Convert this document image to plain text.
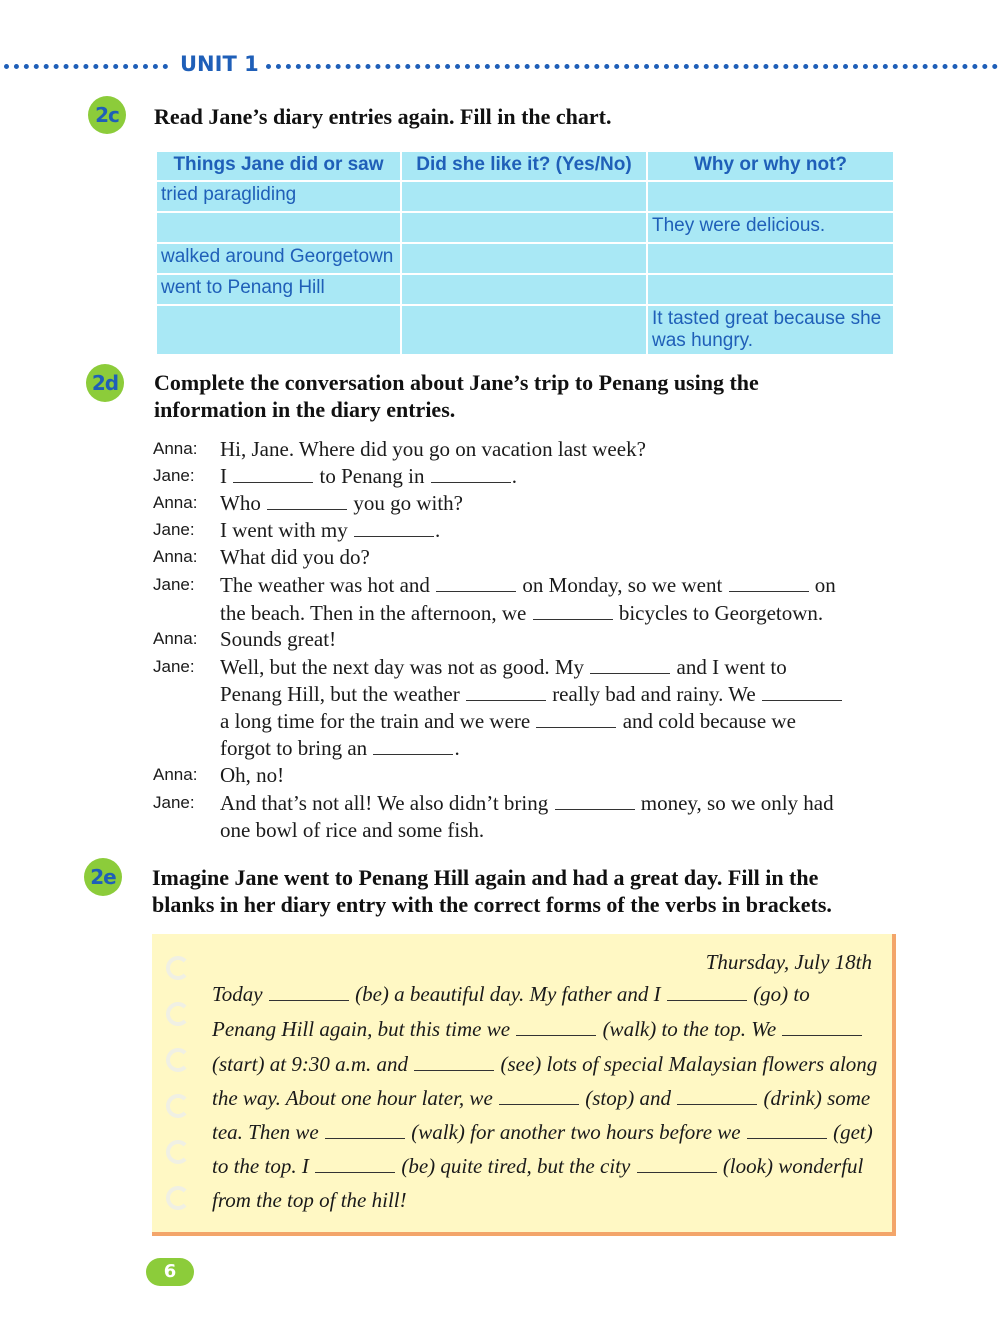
UNIT 1
2c	Read Jane’s diary entries again. Fill in the chart.
Things Jane did or saw	Did she like it? (Yes/No)	Why or why not?
tried paragliding		
		They were delicious.
walked around Georgetown		
went to Penang Hill		
		It tasted great because she was hungry.
2d Complete the conversation about Jane’s trip to Penang using the
information in the diary entries.
Anna: Hi, Jane. Where did you go on vacation last week?
Jane: I	to Penang in	.
Anna: Who	you go with?
Jane: I went with my	.
Anna: What did you do?
Jane: The weather was hot and	on Monday, so we went	on
the beach. Then in the afternoon, we	bicycles to Georgetown.
Anna: Sounds great!
Jane: Well, but the next day was not as good. My	and I went to
Penang Hill, but the weather	really bad and rainy. We
a long time for the train and we were	and cold because we
forgot to bring an	.
Anna: Oh, no!
Jane: And that’s not all! We also didn’t bring	money, so we only had
one bowl of rice and some fish.
2e Imagine Jane went to Penang Hill again and had a great day. Fill in the
blanks in her diary entry with the correct forms of the verbs in brackets.
Thursday, July 18th
Today	(be) a beautiful day. My father and I	(go) to
Penang Hill again, but this time we	(walk) to the top. We
(start) at 9:30 a.m. and	(see) lots of special Malaysian flowers along
the way. About one hour later, we	(stop) and	(drink) some
tea. Then we	(walk) for another two hours before we	(get)
to the top. I	(be) quite tired, but the city	(look) wonderful
from the top of the hill!
6
